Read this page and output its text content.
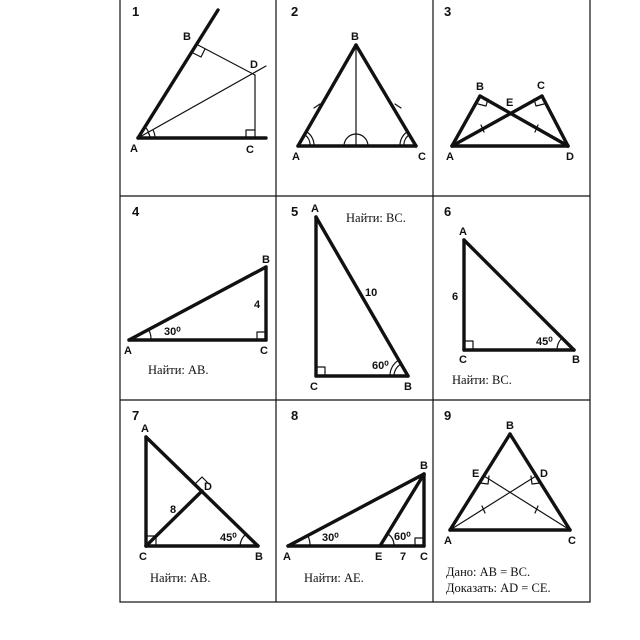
1
A
B
C
D
2
A
B
C
3
A
B	C
D
E
4
A
B
C
30⁰
4
Найти: AB.
5 A
B
C
60⁰
10
Найти: BC.	6
A
B
C
45⁰
6
Найти: BC.
7
A
B
C
D
45⁰
8
Найти: AB.
8
A
B
C
E
30⁰	60⁰
7
Найти: AE.
9
A
B
C
D
E
Дано: AB = BC.
Доказать: AD = CE.
